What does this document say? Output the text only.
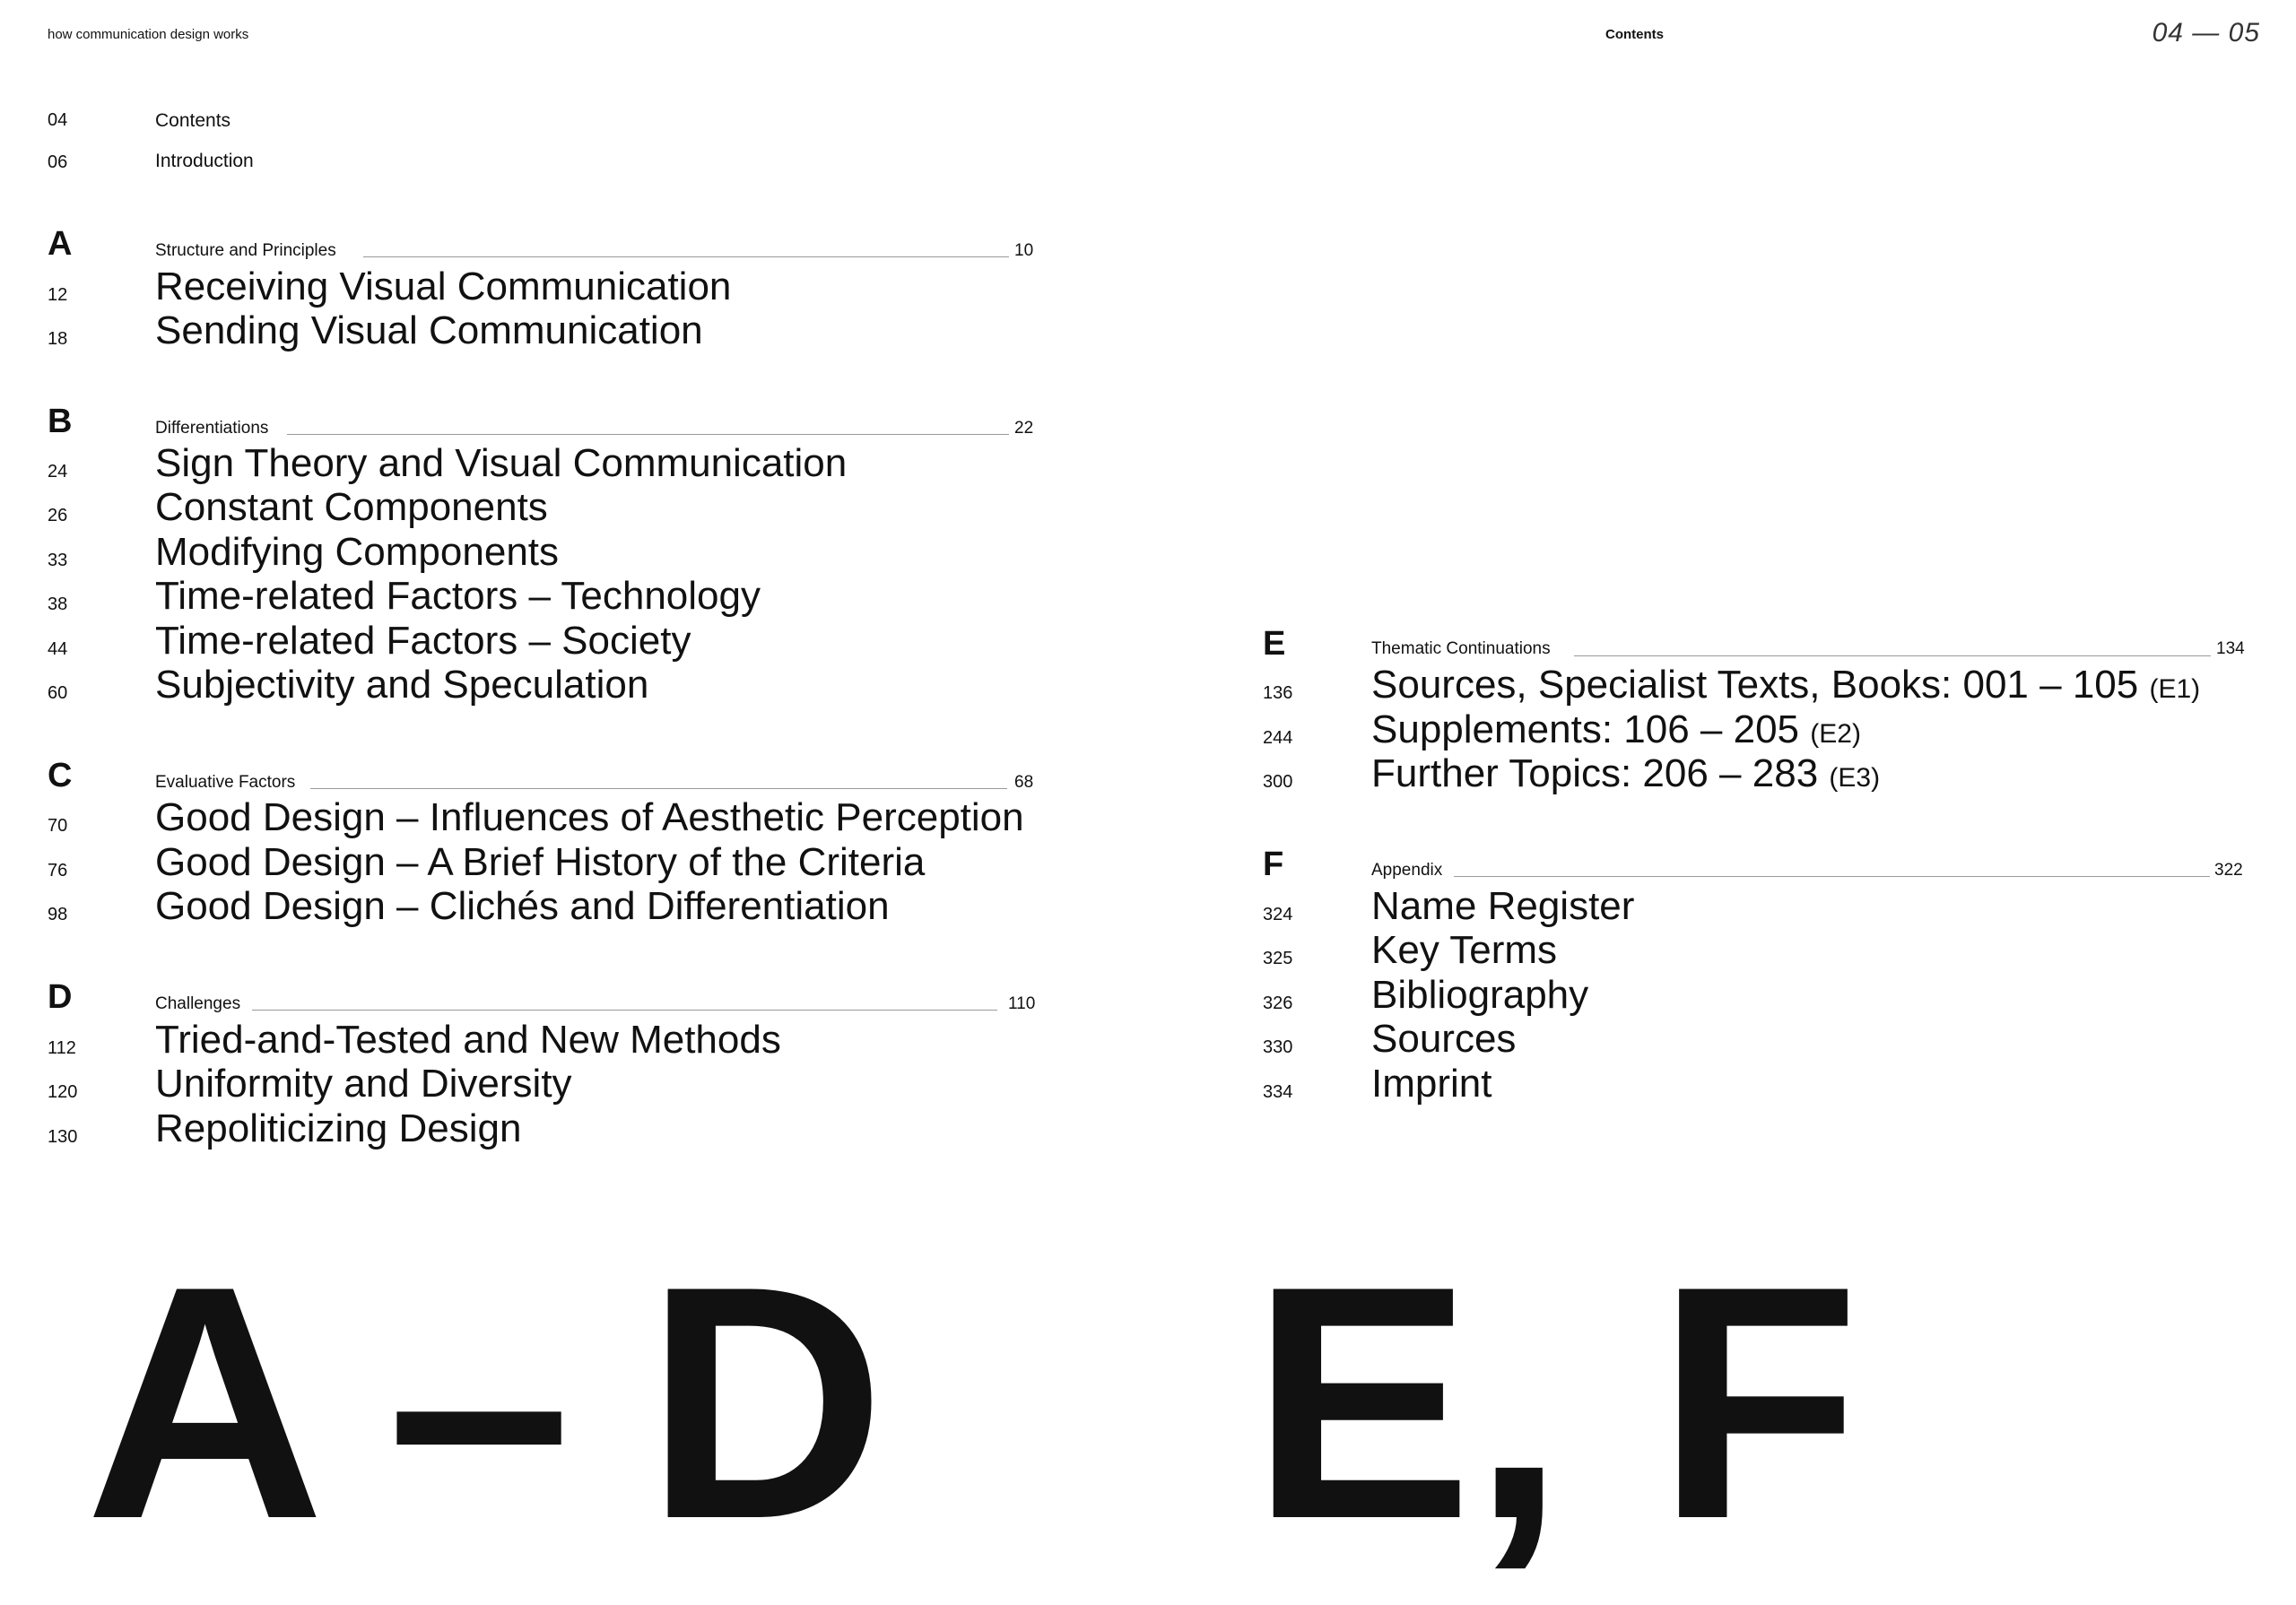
how communication design works	Contents	04 — 05
04	Contents
06	Introduction
A	Structure and Principles	10
12 Receiving Visual Communication
18 Sending Visual Communication
B	Differentiations	22
24 Sign Theory and Visual Communication
26 Constant Components
33 Modifying Components
38 Time-related Factors – Technology
44 Time-related Factors – Society
60 Subjectivity and Speculation
C	Evaluative Factors	68
70 Good Design – Influences of Aesthetic Perception
76 Good Design – A Brief History of the Criteria
98 Good Design – Clichés and Differentiation
D	Challenges	110
112 Tried-and-Tested and New Methods
120 Uniformity and Diversity
130 Repoliticizing Design
E	Thematic Continuations	134
136 Sources, Specialist Texts, Books: 001 – 105 (E1)
244 Supplements: 106 – 205 (E2)
300 Further Topics: 206 – 283 (E3)
F	Appendix	322
324 Name Register
325 Key Terms
326 Bibliography
330 Sources
334 Imprint
A – D E, F
